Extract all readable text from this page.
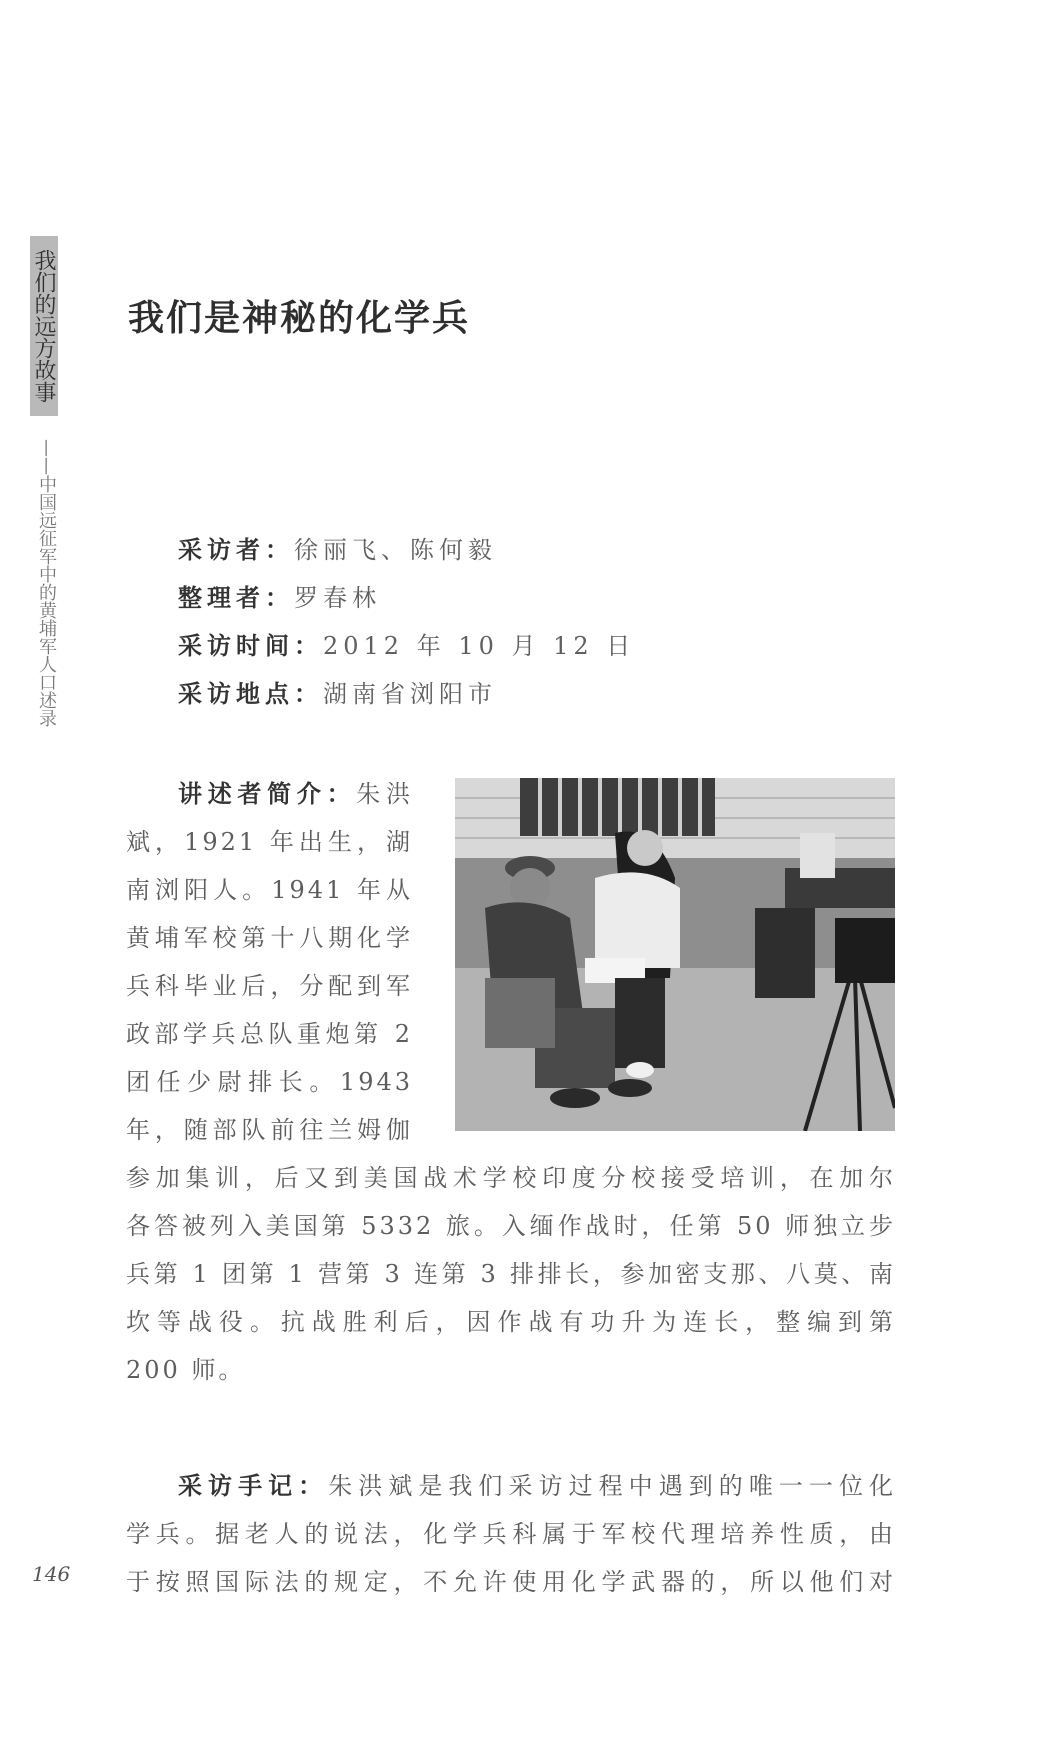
我们的远方故事
——中国远征军中的黄埔军人口述录
我们是神秘的化学兵
采访者：徐丽飞、陈何毅
整理者：罗春林
采访时间：2012 年 10 月 12 日
采访地点：湖南省浏阳市
讲述者简介：朱洪
斌，1921 年出生，湖
南浏阳人。1941 年从
黄埔军校第十八期化学
兵科毕业后，分配到军
政部学兵总队重炮第 2
团任少尉排长。1943
年，随部队前往兰姆伽
参加集训，后又到美国战术学校印度分校接受培训，在加尔
各答被列入美国第 5332 旅。入缅作战时，任第 50 师独立步
兵第 1 团第 1 营第 3 连第 3 排排长，参加密支那、八莫、南
坎等战役。抗战胜利后，因作战有功升为连长，整编到第
200 师。
采访手记：朱洪斌是我们采访过程中遇到的唯一一位化
学兵。据老人的说法，化学兵科属于军校代理培养性质，由
于按照国际法的规定，不允许使用化学武器的，所以他们对
146
